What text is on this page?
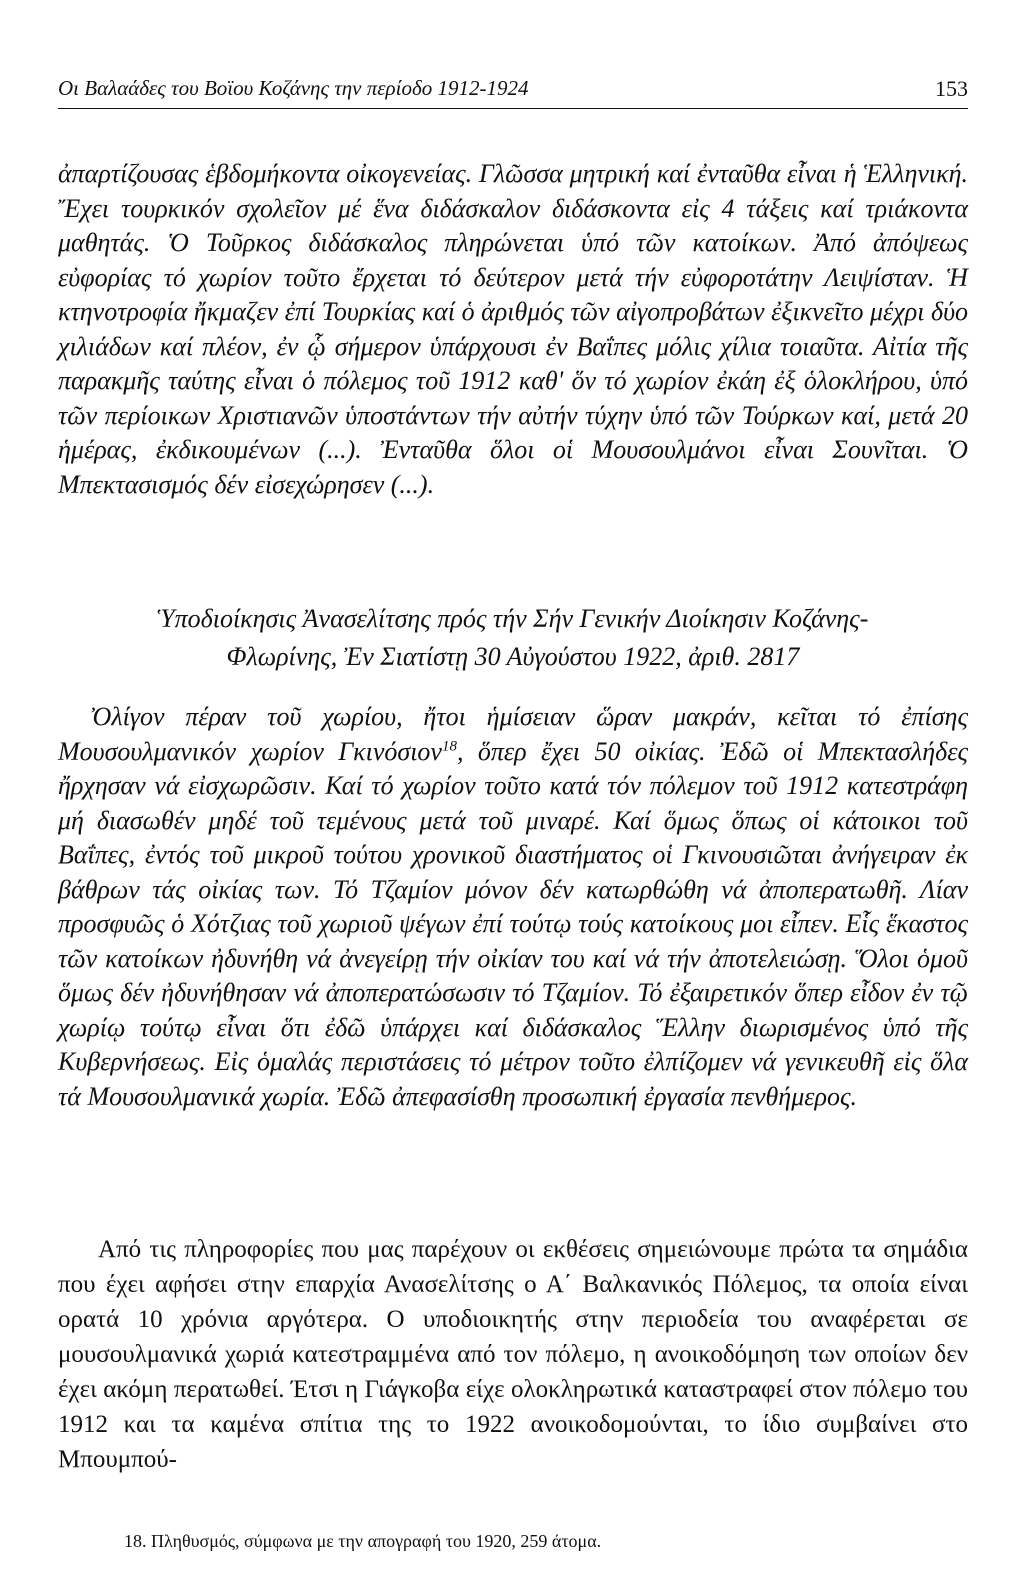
Οι Βαλαάδες του Βοϊου Κοζάνης την περίοδο 1912-1924	153

ἀπαρτίζουσας ἑβδομήκοντα οἰκογενείας. Γλῶσσα μητρική καί ἐνταῦθα εἶναι ἡ Ἑλληνική. Ἔχει τουρκικόν σχολεῖον μέ ἕνα διδάσκαλον διδάσκοντα εἰς 4 τάξεις καί τριάκοντα μαθητάς. Ὁ Τοῦρκος διδάσκαλος πληρώνεται ὑπό τῶν κατοίκων. Ἀπό ἀπόψεως εὐφορίας τό χωρίον τοῦτο ἔρχεται τό δεύτερον μετά τήν εὐφοροτάτην Λειψίσταν. Ἡ κτηνοτροφία ἤκμαζεν ἐπί Τουρκίας καί ὁ ἀριθμός τῶν αἰγοπροβάτων ἐξικνεῖτο μέχρι δύο χιλιάδων καί πλέον, ἐν ᾧ σήμερον ὑπάρχουσι ἐν Βαΐπες μόλις χίλια τοιαῦτα. Αἰτία τῆς παρακμῆς ταύτης εἶναι ὁ πόλεμος τοῦ 1912 καθ' ὅν τό χωρίον ἐκάη ἐξ ὁλοκλήρου, ὑπό τῶν περίοικων Χριστιανῶν ὑποστάντων τήν αὐτήν τύχην ὑπό τῶν Τούρκων καί, μετά 20 ἡμέρας, ἐκδικουμένων (...). Ἐνταῦθα ὅλοι οἱ Μουσουλμάνοι εἶναι Σουνῖται. Ὁ Μπεκτασισμός δέν εἰσεχώρησεν (...).

Ὑποδιοίκησις Ἀνασελίτσης πρός τήν Σήν Γενικήν Διοίκησιν Κοζάνης-
Φλωρίνης, Ἐν Σιατίστῃ 30 Αὐγούστου 1922, ἀριθ. 2817

Ὀλίγον πέραν τοῦ χωρίου, ἤτοι ἡμίσειαν ὥραν μακράν, κεῖται τό ἐπίσης Μουσουλμανικόν χωρίον Γκινόσιον$^{18}$, ὅπερ ἔχει 50 οἰκίας. Ἐδῶ οἱ Μπεκτασλήδες ἤρχησαν νά εἰσχωρῶσιν. Καί τό χωρίον τοῦτο κατά τόν πόλεμον τοῦ 1912 κατεστράφη μή διασωθέν μηδέ τοῦ τεμένους μετά τοῦ μιναρέ. Καί ὅμως ὅπως οἱ κάτοικοι τοῦ Βαΐπες, ἐντός τοῦ μικροῦ τούτου χρονικοῦ διαστήματος οἱ Γκινουσιῶται ἀνήγειραν ἐκ βάθρων τάς οἰκίας των. Τό Τζαμίον μόνον δέν κατωρθώθη νά ἀποπερατωθῆ. Λίαν προσφυῶς ὁ Χότζιας τοῦ χωριοῦ ψέγων ἐπί τούτῳ τούς κατοίκους μοι εἶπεν. Εἷς ἕκαστος τῶν κατοίκων ἠδυνήθη νά ἀνεγείρῃ τήν οἰκίαν του καί νά τήν ἀποτελειώσῃ. Ὅλοι ὁμοῦ ὅμως δέν ἠδυνήθησαν νά ἀποπερατώσωσιν τό Τζαμίον. Τό ἐξαιρετικόν ὅπερ εἶδον ἐν τῷ χωρίῳ τούτῳ εἶναι ὅτι ἐδῶ ὑπάρχει καί διδάσκαλος Ἕλλην διωρισμένος ὑπό τῆς Κυβερνήσεως. Εἰς ὁμαλάς περιστάσεις τό μέτρον τοῦτο ἐλπίζομεν νά γενικευθῆ εἰς ὅλα τά Μουσουλμανικά χωρία. Ἐδῶ ἀπεφασίσθη προσωπική ἐργασία πενθήμερος.

Από τις πληροφορίες που μας παρέχουν οι εκθέσεις σημειώνουμε πρώτα τα σημάδια που έχει αφήσει στην επαρχία Ανασελίτσης ο Α΄ Βαλκανικός Πόλεμος, τα οποία είναι ορατά 10 χρόνια αργότερα. Ο υποδιοικητής στην περιοδεία του αναφέρεται σε μουσουλμανικά χωριά κατεστραμμένα από τον πόλεμο, η ανοικοδόμηση των οποίων δεν έχει ακόμη περατωθεί. Έτσι η Γιάγκοβα είχε ολοκληρωτικά καταστραφεί στον πόλεμο του 1912 και τα καμένα σπίτια της το 1922 ανοικοδομούνται, το ίδιο συμβαίνει στο Μπουμπού-

18. Πληθυσμός, σύμφωνα με την απογραφή του 1920, 259 άτομα.
